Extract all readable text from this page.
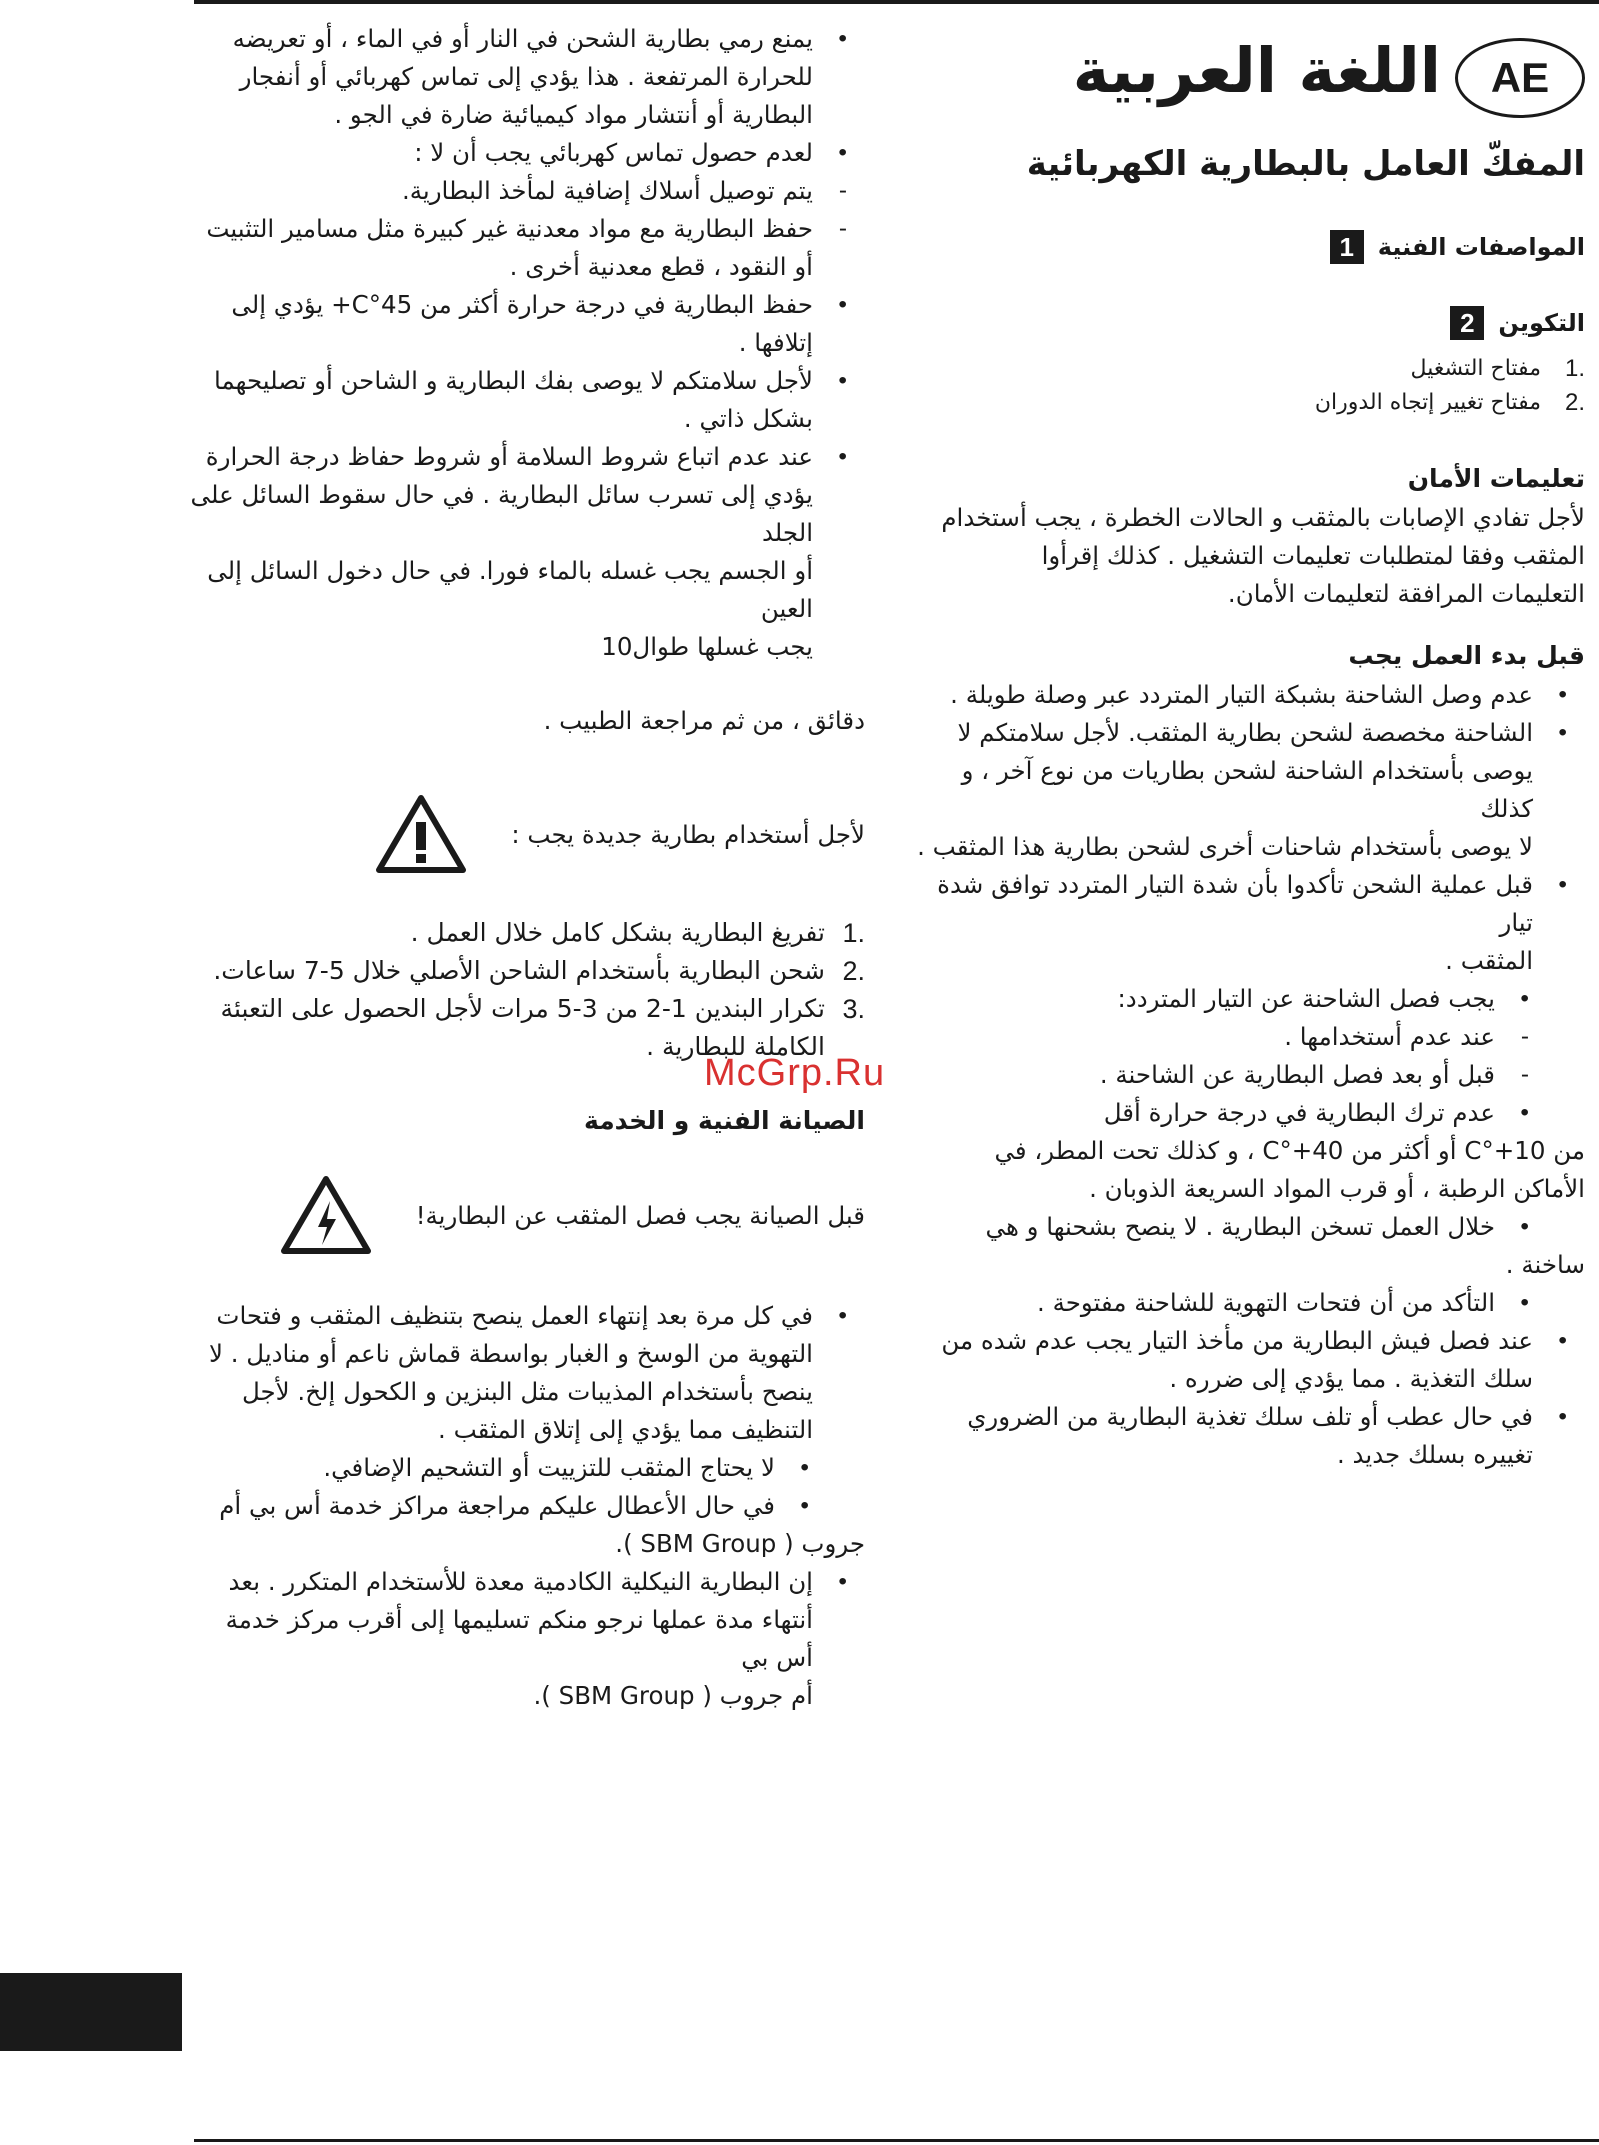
AE
اللغة العربية
المفكّ العامل بالبطارية الكهربائية
المواصفات الفنية
1
التكوين
2
1.
مفتاح التشغيل
2.
مفتاح تغيير إتجاه الدوران
تعليمات الأمان

لأجل تفادي الإصابات بالمثقب و الحالات الخطرة ، يجب أستخدام
المثقب وفقا لمتطلبات تعليمات التشغيل . كذلك إقرأوا
التعليمات المرافقة لتعليمات الأمان.

قبل بدء العمل يجب
•
عدم وصل الشاحنة بشبكة التيار المتردد عبر وصلة طويلة .
•
الشاحنة مخصصة لشحن بطارية المثقب. لأجل سلامتكم لا
يوصى بأستخدام الشاحنة لشحن بطاريات من نوع آخر ، و كذلك
لا يوصى بأستخدام شاحنات أخرى لشحن بطارية هذا المثقب .
•
قبل عملية الشحن تأكدوا بأن شدة التيار المتردد توافق شدة تيار
المثقب .
•
يجب فصل الشاحنة عن التيار المتردد:
-
عند عدم أستخدامها .
-
قبل أو بعد فصل البطارية عن الشاحنة .
•
عدم ترك البطارية في درجة حرارة أقل
من 10+°C أو أكثر من 40+°C ، و كذلك تحت المطر، في
الأماكن الرطبة ، أو قرب المواد السريعة الذوبان .
•
خلال العمل تسخن البطارية . لا ينصح بشحنها و هي
ساخنة .
•
التأكد من أن فتحات التهوية للشاحنة مفتوحة .
•
عند فصل فيش البطارية من مأخذ التيار يجب عدم شده من
سلك التغذية . مما يؤدي إلى ضرره .
•
في حال عطب أو تلف سلك تغذية البطارية من الضروري
تغييره بسلك جديد .
•
يمنع رمي بطارية الشحن في النار أو في الماء ، أو تعريضه
للحرارة المرتفعة . هذا يؤدي إلى تماس كهربائي أو أنفجار
البطارية أو أنتشار مواد كيميائية ضارة في الجو .
•
لعدم حصول تماس كهربائي يجب أن لا :
-
يتم توصيل أسلاك إضافية لمأخذ البطارية.
-
حفظ البطارية مع مواد معدنية غير كبيرة مثل مسامير التثبيت
أو النقود ، قطع معدنية أخرى .
•
حفظ البطارية في درجة حرارة أكثر من 45°C+ يؤدي إلى
إتلافها .
•
لأجل سلامتكم لا يوصى بفك البطارية و الشاحن أو تصليحهما
بشكل ذاتي .
•
عند عدم اتباع شروط السلامة أو شروط حفاظ درجة الحرارة
يؤدي إلى تسرب سائل البطارية . في حال سقوط السائل على الجلد
أو الجسم يجب غسله بالماء فورا. في حال دخول السائل إلى العين
يجب غسلها طوال10

دقائق ، من ثم مراجعة الطبيب .

لأجل أستخدام بطارية جديدة يجب :
1.
تفريغ البطارية بشكل كامل خلال العمل .
2.
شحن البطارية بأستخدام الشاحن الأصلي خلال 5-7 ساعات.
3.
تكرار البندين 1-2 من 3-5 مرات لأجل الحصول على التعبئة
الكاملة للبطارية .
الصيانة الفنية و الخدمة
قبل الصيانة يجب فصل المثقب عن البطارية!
•
في كل مرة بعد إنتهاء العمل ينصح بتنظيف المثقب و فتحات
التهوية من الوسخ و الغبار بواسطة قماش ناعم أو مناديل . لا
ينصح بأستخدام المذيبات مثل البنزين و الكحول إلخ. لأجل
التنظيف مما يؤدي إلى إتلاق المثقب .
•
لا يحتاج المثقب للتزييت أو التشحيم الإضافي.
•
في حال الأعطال عليكم مراجعة مراكز خدمة أس بي أم
جروب ( SBM Group ).
•
إن البطارية النيكلية الكادمية معدة للأستخدام المتكرر . بعد
أنتهاء مدة عملها نرجو منكم تسليمها إلى أقرب مركز خدمة أس بي
أم جروب ( SBM Group ).
McGrp.Ru
